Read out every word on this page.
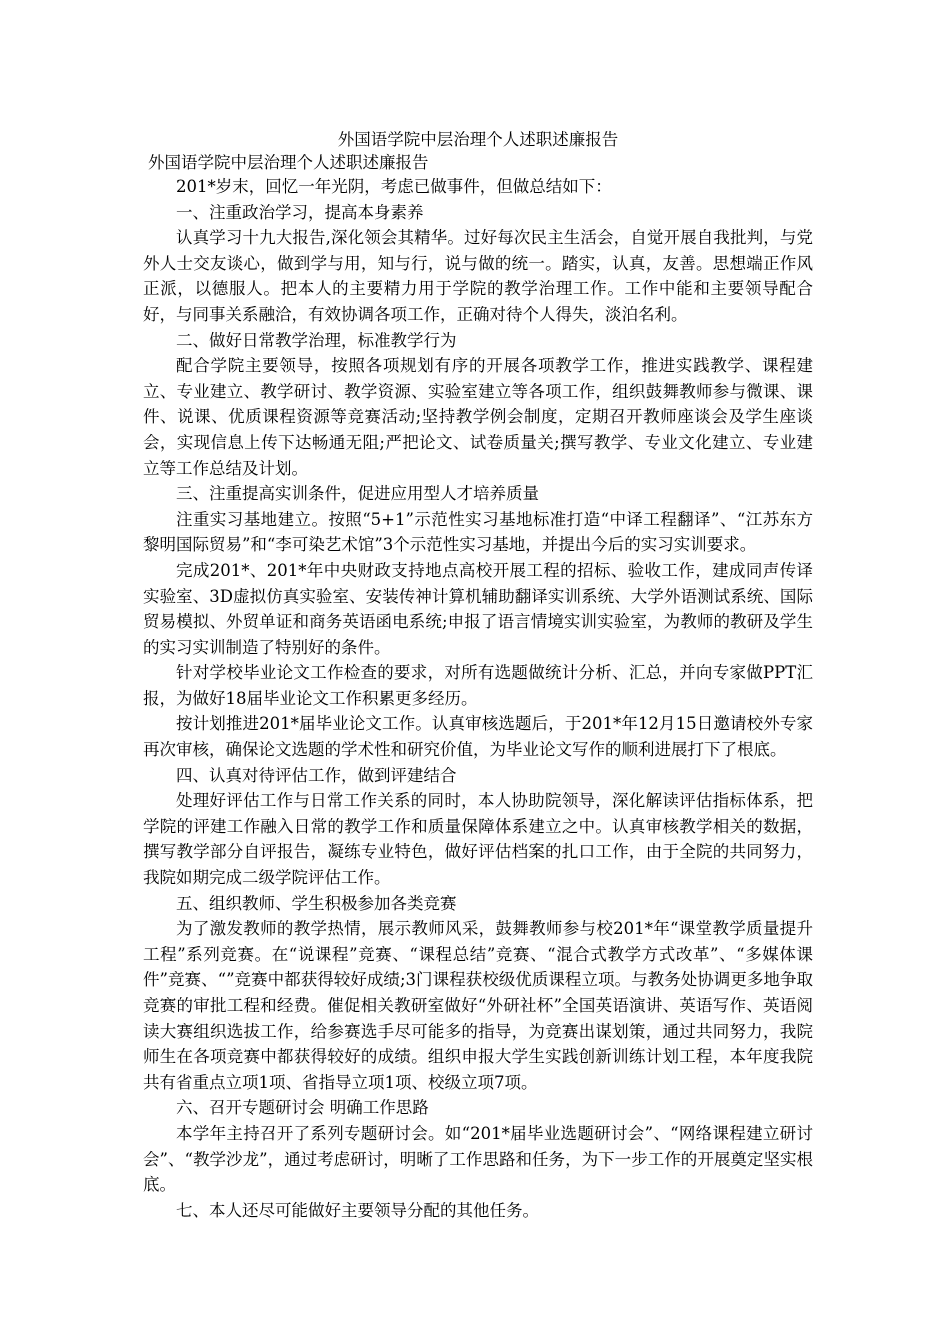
外国语学院中层治理个人述职述廉报告

外国语学院中层治理个人述职述廉报告

201*岁末，回忆一年光阴，考虑已做事件，但做总结如下：

一、注重政治学习，提高本身素养

认真学习十九大报告,深化领会其精华。过好每次民主生活会，自觉开展自我批判，与党外人士交友谈心，做到学与用，知与行，说与做的统一。踏实，认真，友善。思想端正作风正派，以德服人。把本人的主要精力用于学院的教学治理工作。工作中能和主要领导配合好，与同事关系融洽，有效协调各项工作，正确对待个人得失，淡泊名利。

二、做好日常教学治理，标准教学行为

配合学院主要领导，按照各项规划有序的开展各项教学工作，推进实践教学、课程建立、专业建立、教学研讨、教学资源、实验室建立等各项工作，组织鼓舞教师参与微课、课件、说课、优质课程资源等竞赛活动;坚持教学例会制度，定期召开教师座谈会及学生座谈会，实现信息上传下达畅通无阻;严把论文、试卷质量关;撰写教学、专业文化建立、专业建立等工作总结及计划。

三、注重提高实训条件，促进应用型人才培养质量

注重实习基地建立。按照“5+1”示范性实习基地标准打造“中译工程翻译”、“江苏东方黎明国际贸易”和“李可染艺术馆”3个示范性实习基地，并提出今后的实习实训要求。

完成201*、201*年中央财政支持地点高校开展工程的招标、验收工作，建成同声传译实验室、3D虚拟仿真实验室、安装传神计算机辅助翻译实训系统、大学外语测试系统、国际贸易模拟、外贸单证和商务英语函电系统;申报了语言情境实训实验室，为教师的教研及学生的实习实训制造了特别好的条件。

针对学校毕业论文工作检查的要求，对所有选题做统计分析、汇总，并向专家做PPT汇报，为做好18届毕业论文工作积累更多经历。

按计划推进201*届毕业论文工作。认真审核选题后，于201*年12月15日邀请校外专家再次审核，确保论文选题的学术性和研究价值，为毕业论文写作的顺利进展打下了根底。

四、认真对待评估工作，做到评建结合

处理好评估工作与日常工作关系的同时，本人协助院领导，深化解读评估指标体系，把学院的评建工作融入日常的教学工作和质量保障体系建立之中。认真审核教学相关的数据，撰写教学部分自评报告，凝练专业特色，做好评估档案的扎口工作，由于全院的共同努力，我院如期完成二级学院评估工作。

五、组织教师、学生积极参加各类竞赛

为了激发教师的教学热情，展示教师风采，鼓舞教师参与校201*年“课堂教学质量提升工程”系列竞赛。在“说课程”竞赛、“课程总结”竞赛、“混合式教学方式改革”、“多媒体课件”竞赛、“”竞赛中都获得较好成绩;3门课程获校级优质课程立项。与教务处协调更多地争取竞赛的审批工程和经费。催促相关教研室做好“外研社杯”全国英语演讲、英语写作、英语阅读大赛组织选拔工作，给参赛选手尽可能多的指导，为竞赛出谋划策，通过共同努力，我院师生在各项竞赛中都获得较好的成绩。组织申报大学生实践创新训练计划工程，本年度我院共有省重点立项1项、省指导立项1项、校级立项7项。

六、召开专题研讨会 明确工作思路

本学年主持召开了系列专题研讨会。如“201*届毕业选题研讨会”、“网络课程建立研讨会”、“教学沙龙”，通过考虑研讨，明晰了工作思路和任务，为下一步工作的开展奠定坚实根底。

七、本人还尽可能做好主要领导分配的其他任务。
